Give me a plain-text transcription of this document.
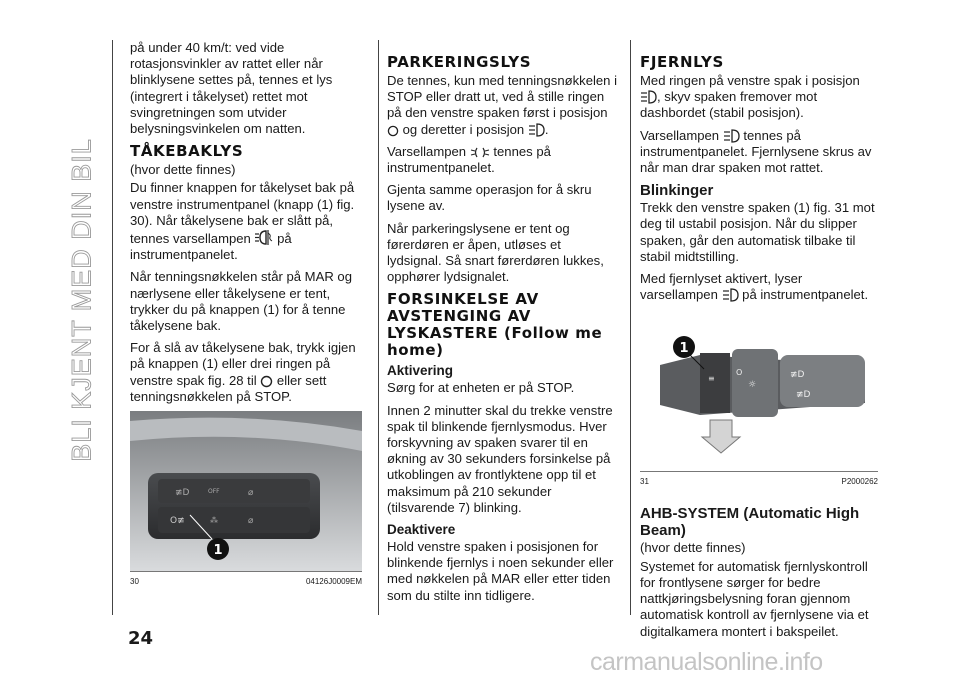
BLI KJENT MED DIN BIL

på under 40 km/t: ved vide rotasjonsvinkler av rattet eller når blinklysene settes på, tennes et lys (integrert i tåkelyset) rettet mot svingretningen som utvider belysningsvinkelen om natten.

TÅKEBAKLYS

(hvor dette finnes)

Du finner knappen for tåkelyset bak på venstre instrumentpanel (knapp (1) fig. 30). Når tåkelysene bak er slått på, tennes varsellampen på instrumentpanelet.

Når tenningsnøkkelen står på MAR og nærlysene eller tåkelysene er tent, trykker du på knappen (1) for å tenne tåkelysene bak.

For å slå av tåkelysene bak, trykk igjen på knappen (1) eller drei ringen på venstre spak fig. 28 til eller sett tenningsnøkkelen på STOP.

≢D	OFF	⌀
O≢	⁂	⌀
1
30	04126J0009EM
PARKERINGSLYS

De tennes, kun med tenningsnøkkelen i STOP eller dratt ut, ved å stille ringen på den venstre spaken først i posisjon  og deretter i posisjon .

Varsellampen tennes på instrumentpanelet.

Gjenta samme operasjon for å skru lysene av.

Når parkeringslysene er tent og førerdøren er åpen, utløses et lydsignal. Så snart førerdøren lukkes, opphører lydsignalet.

FORSINKELSE AV AVSTENGING AV LYSKASTERE (Follow me home)
Aktivering

Sørg for at enheten er på STOP.

Innen 2 minutter skal du trekke venstre spak til blinkende fjernlysmodus. Hver forskyvning av spaken svarer til en økning av 30 sekunders forsinkelse på utkoblingen av frontlyktene opp til et maksimum på 210 sekunder (tilsvarende 7) blinking.

Deaktivere

Hold venstre spaken i posisjonen for blinkende fjernlys i noen sekunder eller med nøkkelen på MAR eller etter tiden som du stilte inn tidligere.

FJERNLYS

Med ringen på venstre spak i posisjon , skyv spaken fremover mot dashbordet (stabil posisjon).

Varsellampen tennes på instrumentpanelet. Fjernlysene skrus av når man drar spaken mot rattet.

Blinkinger

Trekk den venstre spaken (1) fig. 31 mot deg til ustabil posisjon. Når du slipper spaken, går den automatisk tilbake til stabil midtstilling.

Med fjernlyset aktivert, lyser varsellampen på instrumentpanelet.

≡
O
☼
≢D
≢D
1
31	P2000262
AHB-SYSTEM (Automatic High Beam)

(hvor dette finnes)

Systemet for automatisk fjernlyskontroll for frontlysene sørger for bedre nattkjøringsbelysning foran gjennom automatisk kontroll av fjernlysene via et digitalkamera montert i bakspeilet.

24
carmanualsonline.info
